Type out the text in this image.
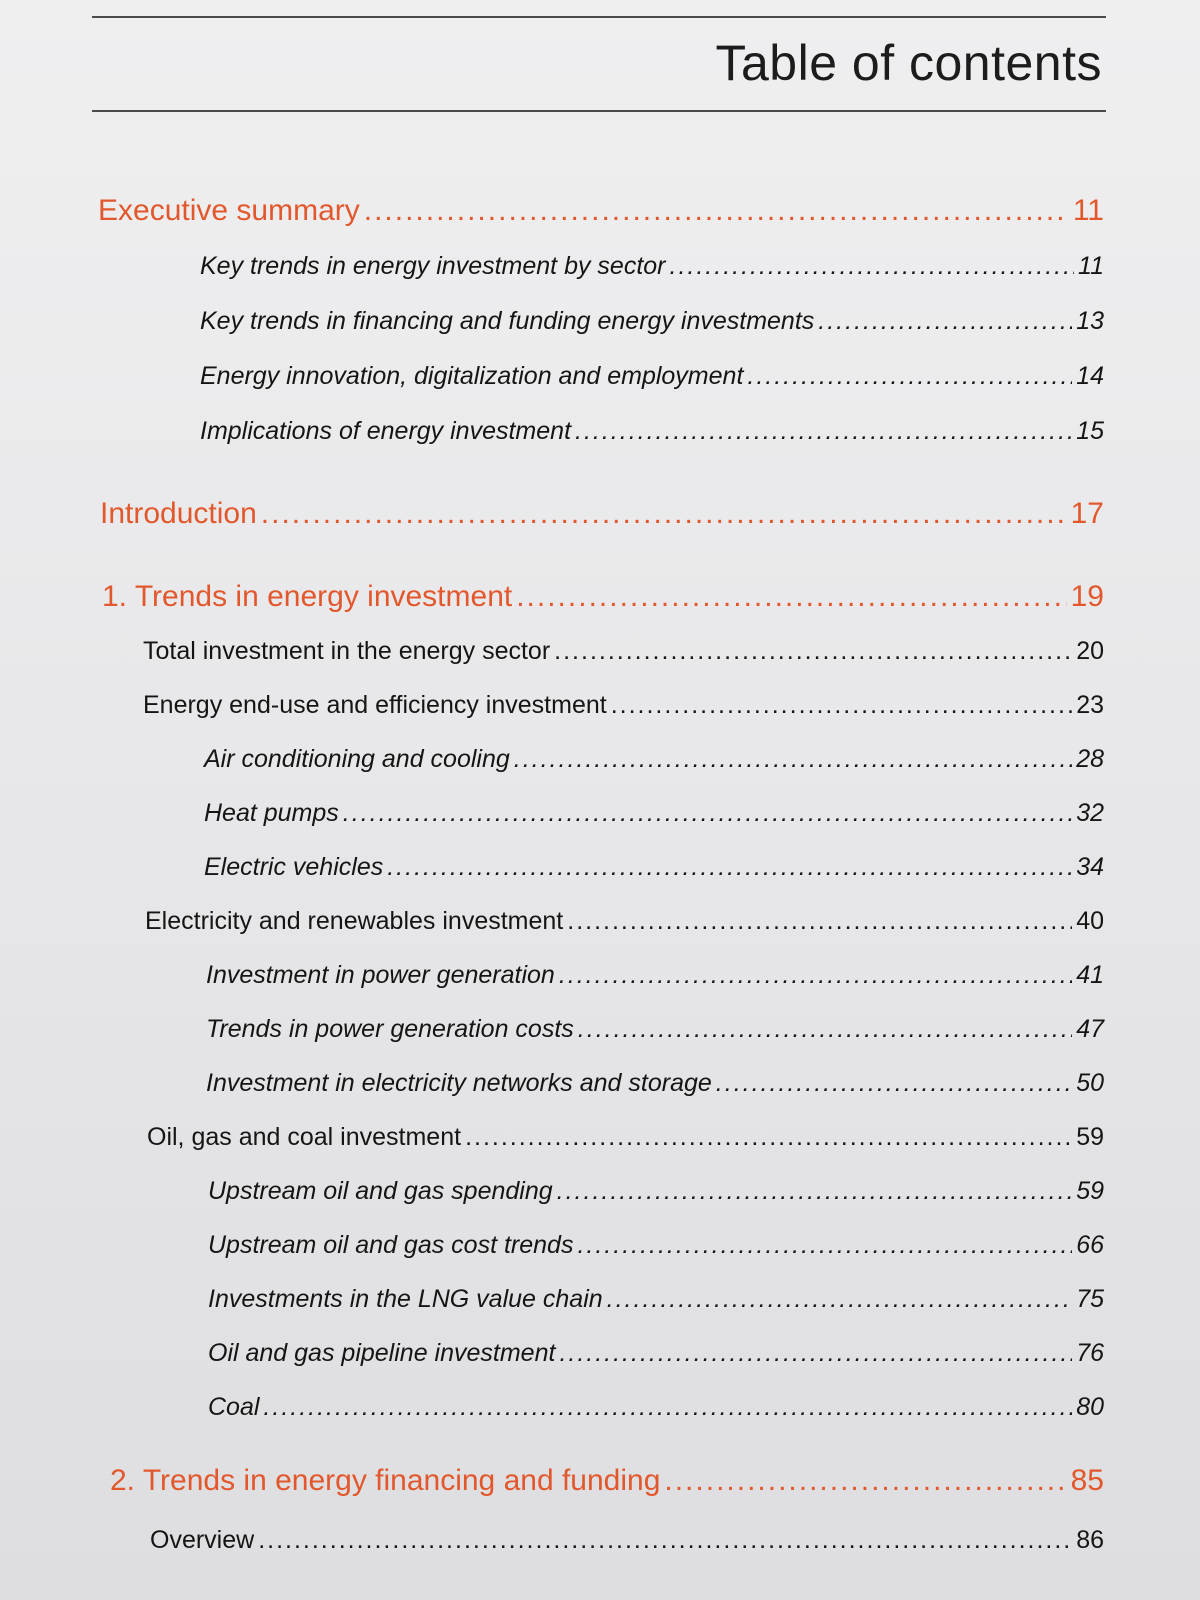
Table of contents
Executive summary .....	11
Key trends in energy investment by sector .....	11
Key trends in financing and funding energy investments .....	13
Energy innovation, digitalization and employment .....	14
Implications of energy investment .....	15
Introduction .....	17
1. Trends in energy investment .....	19
Total investment in the energy sector .....	20
Energy end-use and efficiency investment .....	23
Air conditioning and cooling .....	28
Heat pumps .....	32
Electric vehicles .....	34
Electricity and renewables investment .....	40
Investment in power generation .....	41
Trends in power generation costs .....	47
Investment in electricity networks and storage .....	50
Oil, gas and coal investment .....	59
Upstream oil and gas spending .....	59
Upstream oil and gas cost trends .....	66
Investments in the LNG value chain .....	75
Oil and gas pipeline investment .....	76
Coal .....	80
2. Trends in energy financing and funding .....	85
Overview .....	86
